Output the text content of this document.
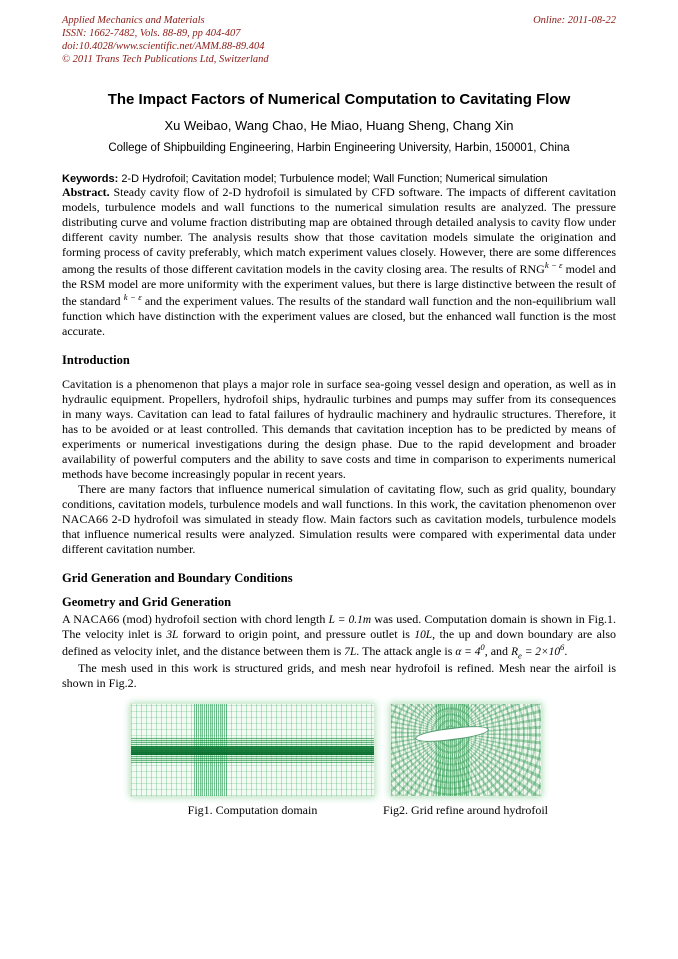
Applied Mechanics and Materials
ISSN: 1662-7482, Vols. 88-89, pp 404-407
doi:10.4028/www.scientific.net/AMM.88-89.404
© 2011 Trans Tech Publications Ltd, Switzerland
Online: 2011-08-22
The Impact Factors of Numerical Computation to Cavitating Flow
Xu Weibao, Wang Chao, He Miao, Huang Sheng, Chang Xin
College of Shipbuilding Engineering, Harbin Engineering University, Harbin, 150001, China
Keywords: 2-D Hydrofoil; Cavitation model; Turbulence model; Wall Function; Numerical simulation

Abstract. Steady cavity flow of 2-D hydrofoil is simulated by CFD software. The impacts of different cavitation models, turbulence models and wall functions to the numerical simulation results are analyzed. The pressure distributing curve and volume fraction distributing map are obtained through detailed analysis to cavity flow under different cavity number. The analysis results show that those cavitation models simulate the origination and forming process of cavity preferably, which match experiment values closely. However, there are some differences among the results of those different cavitation models in the cavity closing area. The results of $RNG^{k - \varepsilon}$ model and the RSM model are more uniformity with the experiment values, but there is large distinctive between the result of the standard $^{k - \varepsilon}$ and the experiment values. The results of the standard wall function and the non-equilibrium wall function which have distinction with the experiment values are closed, but the enhanced wall function is the most accurate.

Introduction

Cavitation is a phenomenon that plays a major role in surface sea-going vessel design and operation, as well as in hydraulic equipment. Propellers, hydrofoil ships, hydraulic turbines and pumps may suffer from its consequences in many ways. Cavitation can lead to fatal failures of hydraulic machinery and hydraulic structures. Therefore, it has to be avoided or at least controlled. This demands that cavitation inception has to be predicted by means of experiments or numerical investigations during the design phase. Due to the rapid development and broader availability of powerful computers and the ability to save costs and time in comparison to experiments numerical methods have become increasingly popular in recent years.

There are many factors that influence numerical simulation of cavitating flow, such as grid quality, boundary conditions, cavitation models, turbulence models and wall functions. In this work, the cavitation phenomenon over NACA66 2-D hydrofoil was simulated in steady flow. Main factors such as cavitation models, turbulence models that influence numerical results were analyzed. Simulation results were compared with experimental data under different cavitation number.

Grid Generation and Boundary Conditions
Geometry and Grid Generation

A NACA66 (mod) hydrofoil section with chord length L = 0.1m was used. Computation domain is shown in Fig.1. The velocity inlet is 3L forward to origin point, and pressure outlet is 10L, the up and down boundary are also defined as velocity inlet, and the distance between them is 7L. The attack angle is $\alpha = 4^0$, and $R_e = 2\times 10^6$.

The mesh used in this work is structured grids, and mesh near hydrofoil is refined. Mesh near the airfoil is shown in Fig.2.

Fig1. Computation domain	Fig2. Grid refine around hydrofoil
